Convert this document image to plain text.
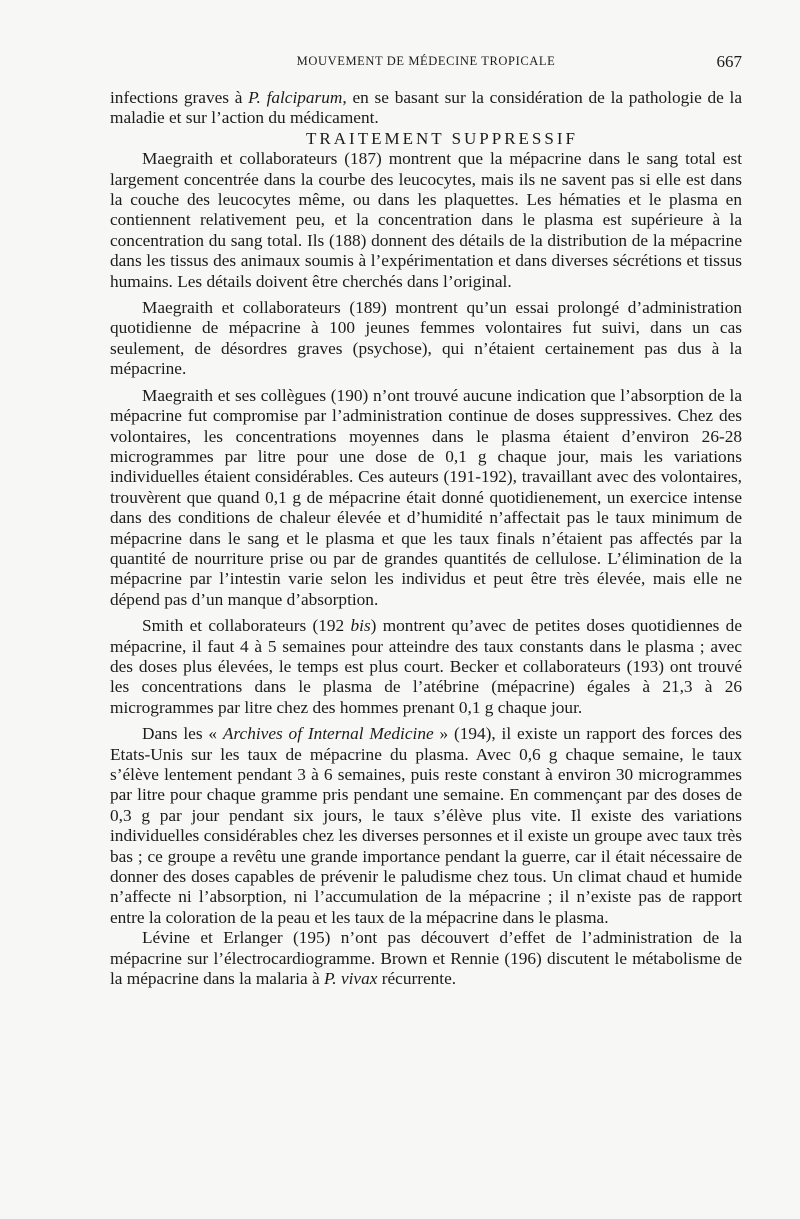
MOUVEMENT DE MÉDECINE TROPICALE	667

infections graves à P. falciparum, en se basant sur la considération de la pathologie de la maladie et sur l’action du médicament.

TRAITEMENT SUPPRESSIF

Maegraith et collaborateurs (187) montrent que la mépacrine dans le sang total est largement concentrée dans la courbe des leucocytes, mais ils ne savent pas si elle est dans la couche des leucocytes même, ou dans les plaquettes. Les hématies et le plasma en contiennent relativement peu, et la concentration dans le plasma est supérieure à la concentration du sang total. Ils (188) donnent des détails de la distribution de la mépacrine dans les tissus des animaux soumis à l’expérimentation et dans diverses sécrétions et tissus humains. Les détails doivent être cherchés dans l’original.

Maegraith et collaborateurs (189) montrent qu’un essai prolongé d’administration quotidienne de mépacrine à 100 jeunes femmes volontaires fut suivi, dans un cas seulement, de désordres graves (psychose), qui n’étaient certainement pas dus à la mépacrine.

Maegraith et ses collègues (190) n’ont trouvé aucune indication que l’absorption de la mépacrine fut compromise par l’administration continue de doses suppressives. Chez des volontaires, les concentrations moyennes dans le plasma étaient d’environ 26-28 microgrammes par litre pour une dose de 0,1 g chaque jour, mais les variations individuelles étaient considérables. Ces auteurs (191-192), travaillant avec des volontaires, trouvèrent que quand 0,1 g de mépacrine était donné quotidienement, un exercice intense dans des conditions de chaleur élevée et d’humidité n’affectait pas le taux minimum de mépacrine dans le sang et le plasma et que les taux finals n’étaient pas affectés par la quantité de nourriture prise ou par de grandes quantités de cellulose. L’élimination de la mépacrine par l’intestin varie selon les individus et peut être très élevée, mais elle ne dépend pas d’un manque d’absorption.

Smith et collaborateurs (192 bis) montrent qu’avec de petites doses quotidiennes de mépacrine, il faut 4 à 5 semaines pour atteindre des taux constants dans le plasma ; avec des doses plus élevées, le temps est plus court. Becker et collaborateurs (193) ont trouvé les concentrations dans le plasma de l’atébrine (mépacrine) égales à 21,3 à 26 microgrammes par litre chez des hommes prenant 0,1 g chaque jour.

Dans les « Archives of Internal Medicine » (194), il existe un rapport des forces des Etats-Unis sur les taux de mépacrine du plasma. Avec 0,6 g chaque semaine, le taux s’élève lentement pendant 3 à 6 semaines, puis reste constant à environ 30 microgrammes par litre pour chaque gramme pris pendant une semaine. En commençant par des doses de 0,3 g par jour pendant six jours, le taux s’élève plus vite. Il existe des variations individuelles considérables chez les diverses personnes et il existe un groupe avec taux très bas ; ce groupe a revêtu une grande importance pendant la guerre, car il était nécessaire de donner des doses capables de prévenir le paludisme chez tous. Un climat chaud et humide n’affecte ni l’absorption, ni l’accumulation de la mépacrine ; il n’existe pas de rapport entre la coloration de la peau et les taux de la mépacrine dans le plasma.

Lévine et Erlanger (195) n’ont pas découvert d’effet de l’administration de la mépacrine sur l’électrocardiogramme. Brown et Rennie (196) discutent le métabolisme de la mépacrine dans la malaria à P. vivax récurrente.
